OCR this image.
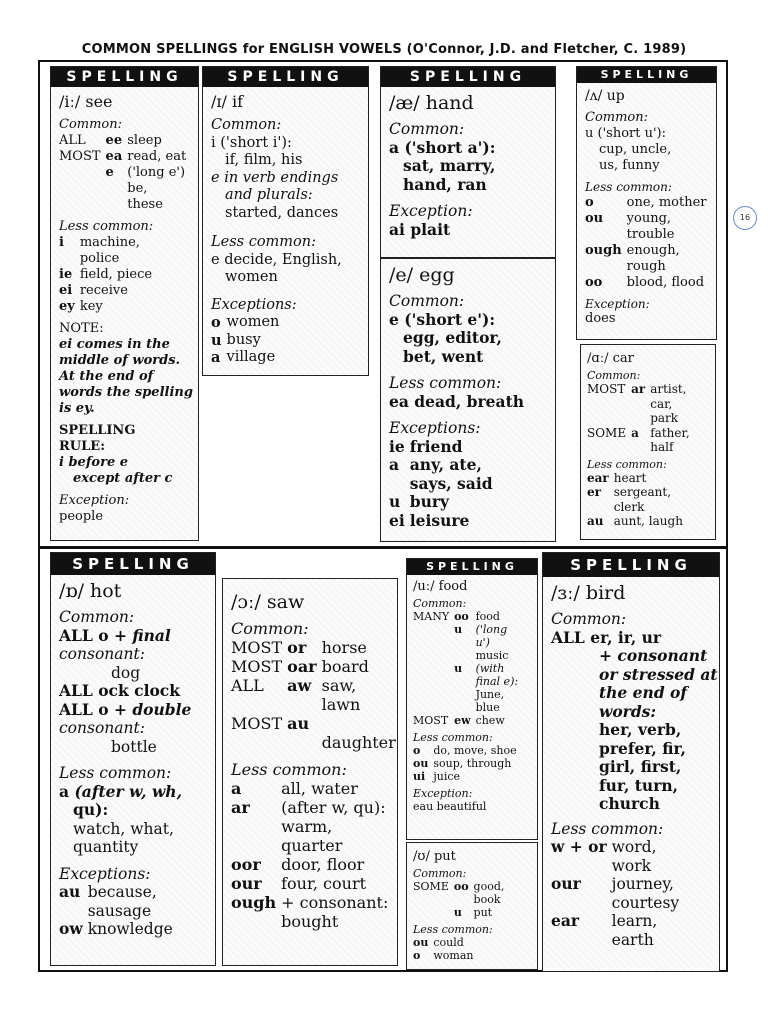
COMMON SPELLINGS for ENGLISH VOWELS (O'Connor, J.D. and Fletcher, C. 1989)
16
SPELLING
/iː/ see
Common:
ALL	ee	sleep
MOST	ea	read, eat
	e	('long e')
		be,
		these
Less common:
i	machine,
	police
ie	field, piece
ei	receive
ey	key
NOTE:
ei comes in the
middle of words.
At the end of
words the spelling
is ey.
SPELLING
RULE:
i before e
except after c
Exception:
people
SPELLING
/ɪ/ if
Common:
i ('short i'):
if, film, his
e in verb endings
and plurals:
started, dances
Less common:
e decide, English,
women
Exceptions:
o	women
u	busy
a	village
SPELLING
/æ/ hand
Common:
a ('short a'):
sat, marry,
hand, ran
Exception:
ai plait
/e/ egg
Common:
e ('short e'):
egg, editor,
bet, went
Less common:
ea dead, breath
Exceptions:
ie	friend
a	any, ate,
	says, said
u	bury
ei	leisure
SPELLING
/ʌ/ up
Common:
u ('short u'):
cup, uncle,
us, funny
Less common:
o	one, mother
ou	young,
	trouble
ough	enough,
	rough
oo	blood, flood
Exception:
does
/ɑː/ car
Common:
MOST	ar	artist,
		car,
		park
SOME	a	father,
		half
Less common:
ear	heart
er	sergeant,
	clerk
au	aunt, laugh
SPELLING
/ɒ/ hot
Common:
ALL o + final
consonant:
dog
ALL ock clock
ALL o + double
consonant:
bottle
Less common:
a (after w, wh,
qu):
watch, what,
quantity
Exceptions:
au	because,
	sausage
ow	knowledge
/ɔː/ saw
Common:
MOST	or	horse
MOST	oar	board
ALL	aw	saw,
		lawn
MOST	au	
		daughter
Less common:
a	all, water
ar	(after w, qu):
	warm,
	quarter
oor	door, floor
our	four, court
ough	+ consonant:
	bought
SPELLING
/uː/ food
Common:
MANY	oo	food
	u	('long
		u')
		music
	u	(with
		final e):
		June,
		blue
MOST	ew	chew
Less common:
o	do, move, shoe
ou	soup, through
ui	juice
Exception:
eau beautiful
/ʊ/ put
Common:
SOME	oo	good,
		book
	u	put
Less common:
ou	could
o	woman
SPELLING
/ɜː/ bird
Common:
ALL er, ir, ur
+ consonant
or stressed at
the end of
words:
her, verb,
prefer, fir,
girl, first,
fur, turn,
church
Less common:
w + or	word,
	work
our	journey,
	courtesy
ear	learn,
	earth
